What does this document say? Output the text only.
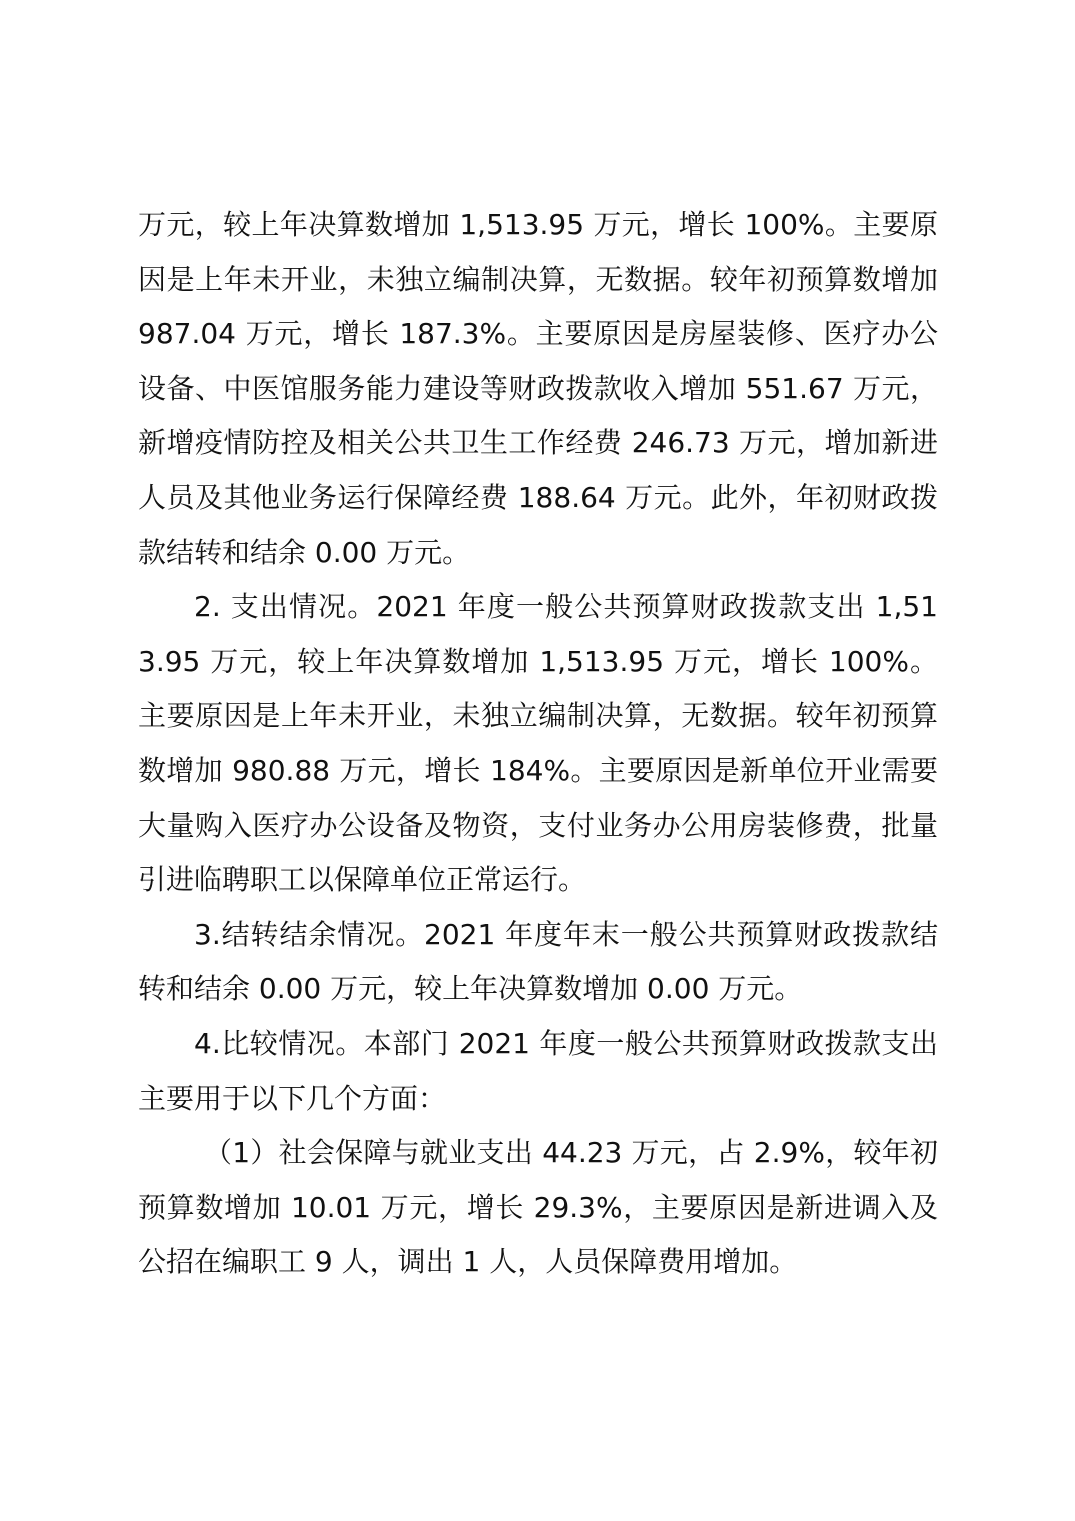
万元，较上年决算数增加 1,513.95 万元，增长 100%。主要原因是上年未开业，未独立编制决算，无数据。较年初预算数增加 987.04 万元，增长 187.3%。主要原因是房屋装修、医疗办公设备、中医馆服务能力建设等财政拨款收入增加 551.67 万元，新增疫情防控及相关公共卫生工作经费 246.73 万元，增加新进人员及其他业务运行保障经费 188.64 万元。此外，年初财政拨款结转和结余 0.00 万元。

2. 支出情况。2021 年度一般公共预算财政拨款支出 1,513.95 万元，较上年决算数增加 1,513.95 万元，增长 100%。主要原因是上年未开业，未独立编制决算，无数据。较年初预算数增加 980.88 万元，增长 184%。主要原因是新单位开业需要大量购入医疗办公设备及物资，支付业务办公用房装修费，批量引进临聘职工以保障单位正常运行。

3.结转结余情况。2021 年度年末一般公共预算财政拨款结转和结余 0.00 万元，较上年决算数增加 0.00 万元。

4.比较情况。本部门 2021 年度一般公共预算财政拨款支出主要用于以下几个方面：

（1）社会保障与就业支出 44.23 万元，占 2.9%，较年初预算数增加 10.01 万元，增长 29.3%，主要原因是新进调入及公招在编职工 9 人，调出 1 人，人员保障费用增加。
